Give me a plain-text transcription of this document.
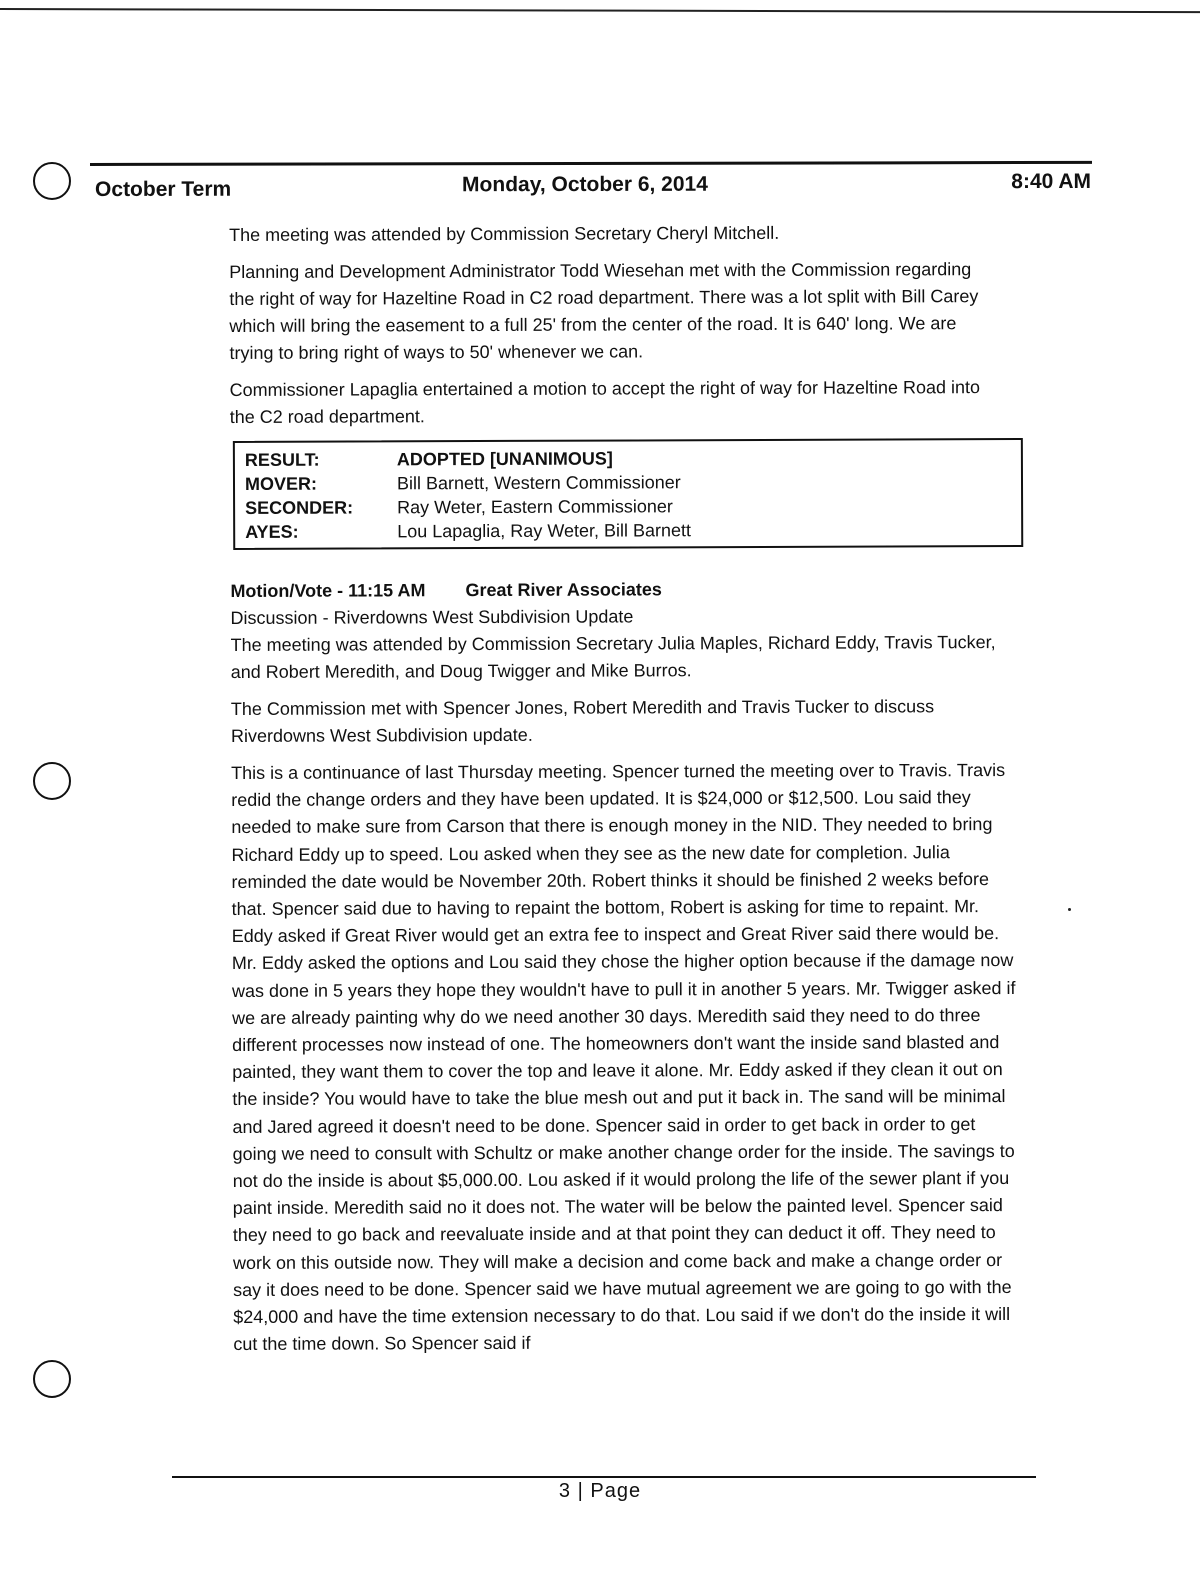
October Term	Monday, October 6, 2014	8:40 AM

The meeting was attended by Commission Secretary Cheryl Mitchell.

Planning and Development Administrator Todd Wiesehan met with the Commission regarding the right of way for Hazeltine Road in C2 road department. There was a lot split with Bill Carey which will bring the easement to a full 25' from the center of the road. It is 640' long. We are trying to bring right of ways to 50' whenever we can.

Commissioner Lapaglia entertained a motion to accept the right of way for Hazeltine Road into the C2 road department.

RESULT:	ADOPTED [UNANIMOUS]
MOVER:	Bill Barnett, Western Commissioner
SECONDER:	Ray Weter, Eastern Commissioner
AYES:	Lou Lapaglia, Ray Weter, Bill Barnett
Motion/Vote - 11:15 AM Great River Associates
Discussion - Riverdowns West Subdivision Update

The meeting was attended by Commission Secretary Julia Maples, Richard Eddy, Travis Tucker, and Robert Meredith, and Doug Twigger and Mike Burros.

The Commission met with Spencer Jones, Robert Meredith and Travis Tucker to discuss Riverdowns West Subdivision update.

This is a continuance of last Thursday meeting. Spencer turned the meeting over to Travis. Travis redid the change orders and they have been updated. It is $24,000 or $12,500. Lou said they needed to make sure from Carson that there is enough money in the NID. They needed to bring Richard Eddy up to speed. Lou asked when they see as the new date for completion. Julia reminded the date would be November 20th. Robert thinks it should be finished 2 weeks before that. Spencer said due to having to repaint the bottom, Robert is asking for time to repaint. Mr. Eddy asked if Great River would get an extra fee to inspect and Great River said there would be. Mr. Eddy asked the options and Lou said they chose the higher option because if the damage now was done in 5 years they hope they wouldn't have to pull it in another 5 years. Mr. Twigger asked if we are already painting why do we need another 30 days. Meredith said they need to do three different processes now instead of one. The homeowners don't want the inside sand blasted and painted, they want them to cover the top and leave it alone. Mr. Eddy asked if they clean it out on the inside? You would have to take the blue mesh out and put it back in. The sand will be minimal and Jared agreed it doesn't need to be done. Spencer said in order to get back in order to get going we need to consult with Schultz or make another change order for the inside. The savings to not do the inside is about $5,000.00. Lou asked if it would prolong the life of the sewer plant if you paint inside. Meredith said no it does not. The water will be below the painted level. Spencer said they need to go back and reevaluate inside and at that point they can deduct it off. They need to work on this outside now. They will make a decision and come back and make a change order or say it does need to be done. Spencer said we have mutual agreement we are going to go with the $24,000 and have the time extension necessary to do that. Lou said if we don't do the inside it will cut the time down. So Spencer said if

3 | Page
